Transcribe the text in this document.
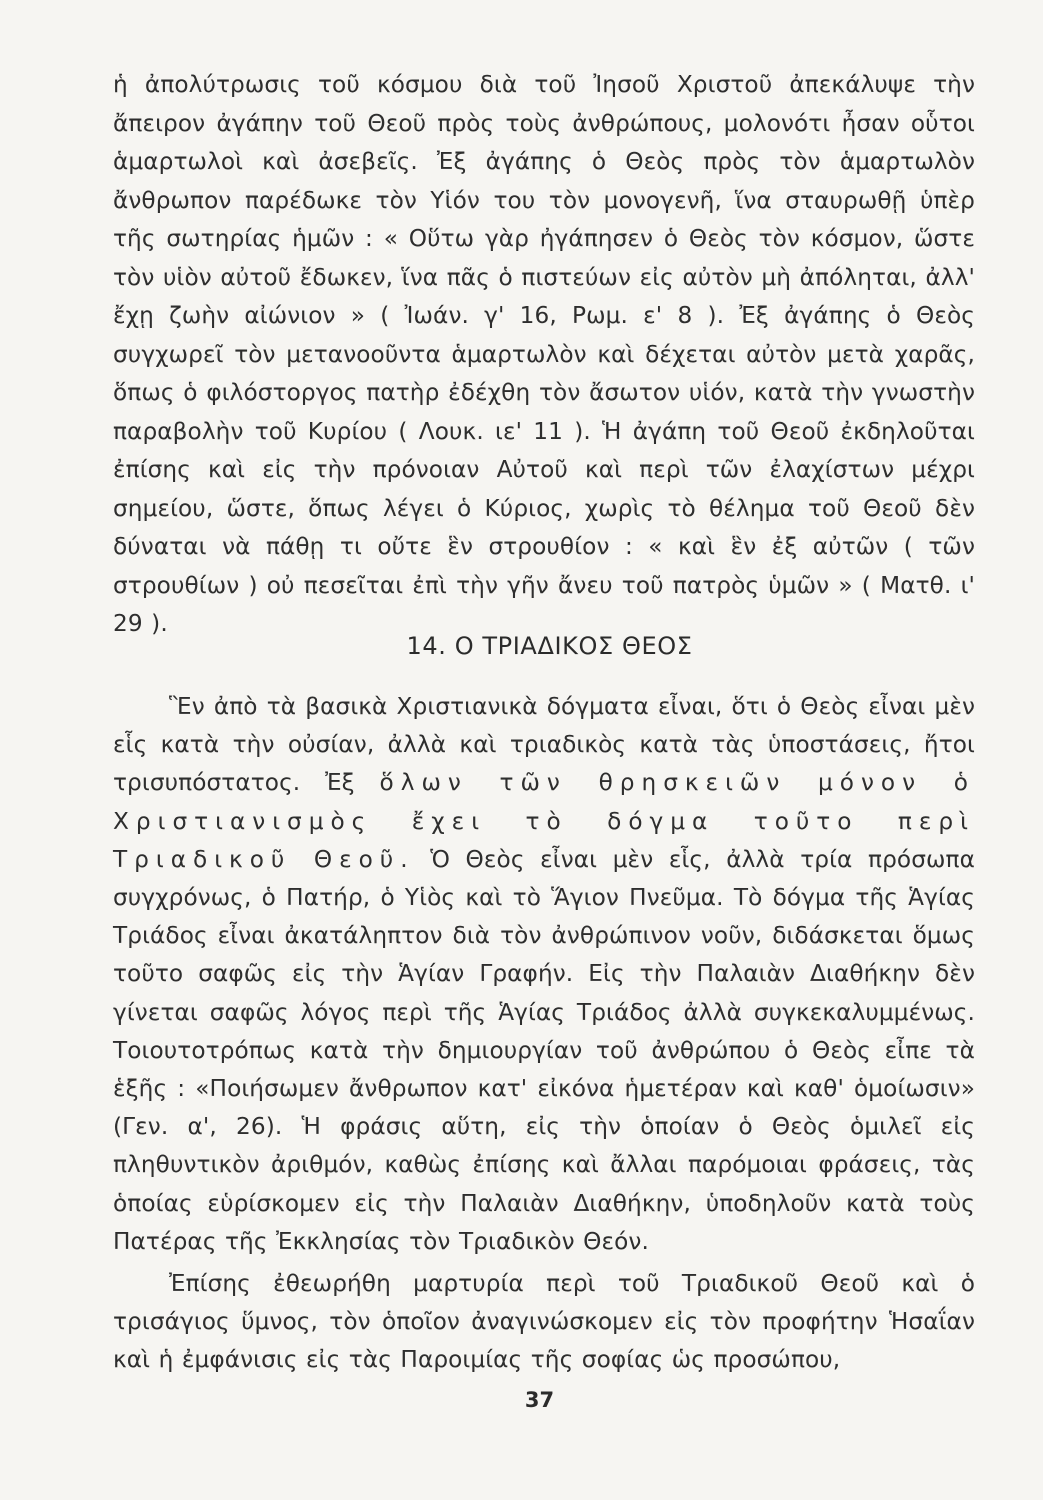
ἡ ἀπολύτρωσις τοῦ κόσμου διὰ τοῦ Ἰησοῦ Χριστοῦ ἀπεκάλυψε τὴν ἄπειρον ἀγάπην τοῦ Θεοῦ πρὸς τοὺς ἀνθρώπους, μολονότι ἦσαν οὗτοι ἁμαρτωλοὶ καὶ ἀσεβεῖς. Ἐξ ἀγάπης ὁ Θεὸς πρὸς τὸν ἁμαρτωλὸν ἄνθρωπον παρέδωκε τὸν Υἱόν του τὸν μονογενῆ, ἵνα σταυρωθῇ ὑπὲρ τῆς σωτηρίας ἡμῶν : « Οὕτω γὰρ ἠγάπησεν ὁ Θεὸς τὸν κόσμον, ὥστε τὸν υἱὸν αὐτοῦ ἔδωκεν, ἵνα πᾶς ὁ πιστεύων εἰς αὐτὸν μὴ ἀπόληται, ἀλλ' ἔχῃ ζωὴν αἰώνιον » ( Ἰωάν. γ' 16, Ρωμ. ε' 8 ). Ἐξ ἀγάπης ὁ Θεὸς συγχωρεῖ τὸν μετανοοῦντα ἁμαρτωλὸν καὶ δέχεται αὐτὸν μετὰ χαρᾶς, ὅπως ὁ φιλόστοργος πατὴρ ἐδέχθη τὸν ἄσωτον υἱόν, κατὰ τὴν γνωστὴν παραβολὴν τοῦ Κυρίου ( Λουκ. ιε' 11 ). Ἡ ἀγάπη τοῦ Θεοῦ ἐκδηλοῦται ἐπίσης καὶ εἰς τὴν πρόνοιαν Αὐτοῦ καὶ περὶ τῶν ἐλαχίστων μέχρι σημείου, ὥστε, ὅπως λέγει ὁ Κύριος, χωρὶς τὸ θέλημα τοῦ Θεοῦ δὲν δύναται νὰ πάθῃ τι οὔτε ἓν στρουθίον : « καὶ ἓν ἐξ αὐτῶν ( τῶν στρουθίων ) οὐ πεσεῖται ἐπὶ τὴν γῆν ἄνευ τοῦ πατρὸς ὑμῶν » ( Ματθ. ι' 29 ).

14. Ο ΤΡΙΑΔΙΚΟΣ ΘΕΟΣ

Ἓν ἀπὸ τὰ βασικὰ Χριστιανικὰ δόγματα εἶναι, ὅτι ὁ Θεὸς εἶναι μὲν εἷς κατὰ τὴν οὐσίαν, ἀλλὰ καὶ τριαδικὸς κατὰ τὰς ὑποστάσεις, ἤτοι τρισυπόστατος. Ἐξ ὅλων τῶν θρησκειῶν μόνον ὁ Χριστιανισμὸς ἔχει τὸ δόγμα τοῦτο περὶ Τριαδικοῦ Θεοῦ. Ὁ Θεὸς εἶναι μὲν εἷς, ἀλλὰ τρία πρόσωπα συγχρόνως, ὁ Πατήρ, ὁ Υἱὸς καὶ τὸ Ἅγιον Πνεῦμα. Τὸ δόγμα τῆς Ἁγίας Τριάδος εἶναι ἀκατάληπτον διὰ τὸν ἀνθρώπινον νοῦν, διδάσκεται ὅμως τοῦτο σαφῶς εἰς τὴν Ἁγίαν Γραφήν. Εἰς τὴν Παλαιὰν Διαθήκην δὲν γίνεται σαφῶς λόγος περὶ τῆς Ἁγίας Τριάδος ἀλλὰ συγκεκαλυμμένως. Τοιουτοτρόπως κατὰ τὴν δημιουργίαν τοῦ ἀνθρώπου ὁ Θεὸς εἶπε τὰ ἑξῆς : «Ποιήσωμεν ἄνθρωπον κατ' εἰκόνα ἡμετέραν καὶ καθ' ὁμοίωσιν» (Γεν. α', 26). Ἡ φράσις αὕτη, εἰς τὴν ὁποίαν ὁ Θεὸς ὁμιλεῖ εἰς πληθυντικὸν ἀριθμόν, καθὼς ἐπίσης καὶ ἄλλαι παρόμοιαι φράσεις, τὰς ὁποίας εὑρίσκομεν εἰς τὴν Παλαιὰν Διαθήκην, ὑποδηλοῦν κατὰ τοὺς Πατέρας τῆς Ἐκκλησίας τὸν Τριαδικὸν Θεόν.

Ἐπίσης ἐθεωρήθη μαρτυρία περὶ τοῦ Τριαδικοῦ Θεοῦ καὶ ὁ τρισάγιος ὕμνος, τὸν ὁποῖον ἀναγινώσκομεν εἰς τὸν προφήτην Ἡσαΐαν καὶ ἡ ἐμφάνισις εἰς τὰς Παροιμίας τῆς σοφίας ὡς προσώπου,

37
